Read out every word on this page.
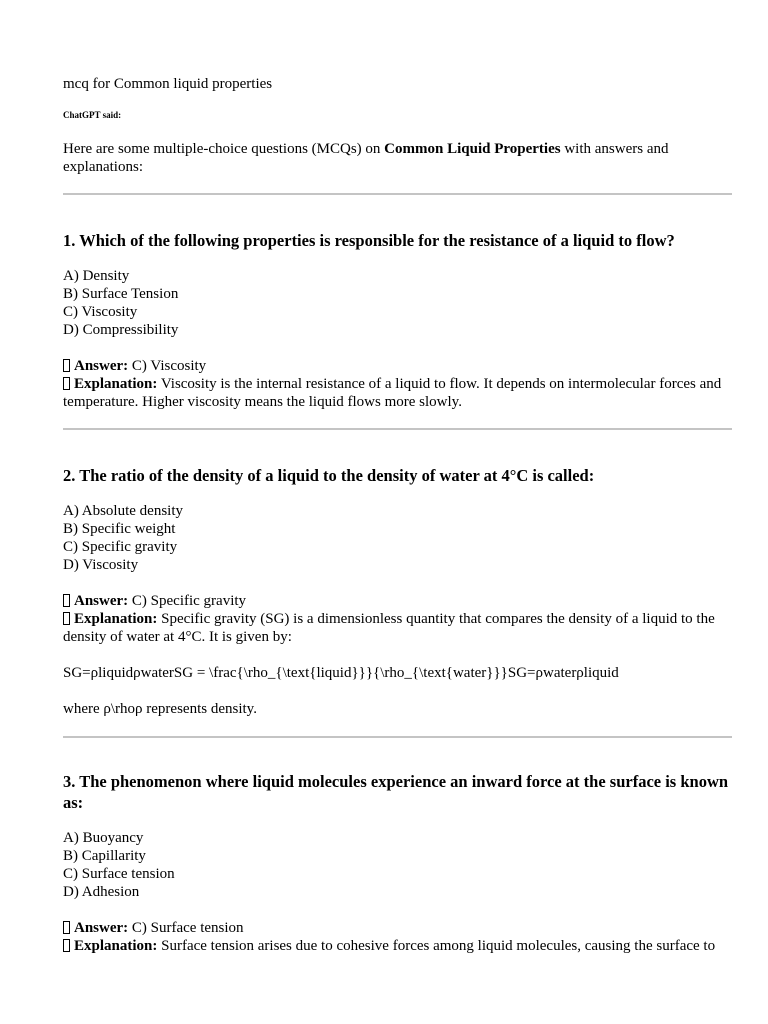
mcq for Common liquid properties
ChatGPT said:
Here are some multiple-choice questions (MCQs) on Common Liquid Properties with answers and explanations:

1. Which of the following properties is responsible for the resistance of a liquid to flow?

A) Density
B) Surface Tension
C) Viscosity
D) Compressibility
Answer: C) Viscosity
Explanation: Viscosity is the internal resistance of a liquid to flow. It depends on intermolecular forces and temperature. Higher viscosity means the liquid flows more slowly.

2. The ratio of the density of a liquid to the density of water at 4°C is called:

A) Absolute density
B) Specific weight
C) Specific gravity
D) Viscosity
Answer: C) Specific gravity
Explanation: Specific gravity (SG) is a dimensionless quantity that compares the density of a liquid to the density of water at 4°C. It is given by:
SG=ρliquidρwaterSG = \frac{\rho_{\text{liquid}}}{\rho_{\text{water}}}SG=ρwaterρliquid
where ρ\rhoρ represents density.

3. The phenomenon where liquid molecules experience an inward force at the surface is known as:

A) Buoyancy
B) Capillarity
C) Surface tension
D) Adhesion
Answer: C) Surface tension
Explanation: Surface tension arises due to cohesive forces among liquid molecules, causing the surface to
